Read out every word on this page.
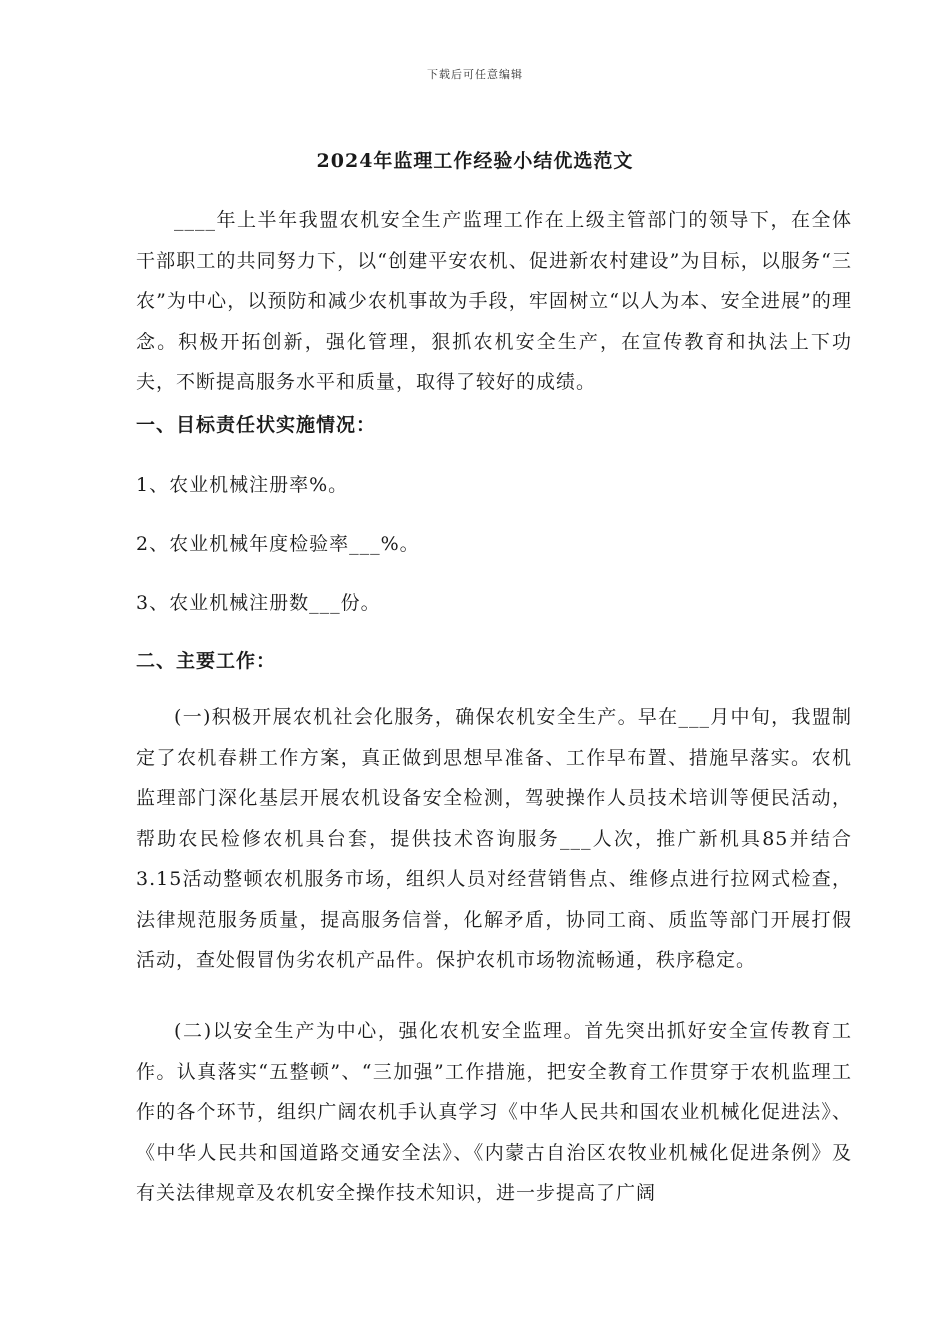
下载后可任意编辑
2024年监理工作经验小结优选范文

____年上半年我盟农机安全生产监理工作在上级主管部门的领导下，在全体干部职工的共同努力下，以“创建平安农机、促进新农村建设”为目标，以服务“三农”为中心，以预防和减少农机事故为手段，牢固树立“以人为本、安全进展”的理念。积极开拓创新，强化管理，狠抓农机安全生产，在宣传教育和执法上下功夫，不断提高服务水平和质量，取得了较好的成绩。

一、目标责任状实施情况：

1、农业机械注册率%。

2、农业机械年度检验率___%。

3、农业机械注册数___份。

二、主要工作：

(一)积极开展农机社会化服务，确保农机安全生产。早在___月中旬，我盟制定了农机春耕工作方案，真正做到思想早准备、工作早布置、措施早落实。农机监理部门深化基层开展农机设备安全检测，驾驶操作人员技术培训等便民活动，帮助农民检修农机具台套，提供技术咨询服务___人次，推广新机具85并结合3.15活动整顿农机服务市场，组织人员对经营销售点、维修点进行拉网式检查，法律规范服务质量，提高服务信誉，化解矛盾，协同工商、质监等部门开展打假活动，查处假冒伪劣农机产品件。保护农机市场物流畅通，秩序稳定。

(二)以安全生产为中心，强化农机安全监理。首先突出抓好安全宣传教育工作。认真落实“五整顿”、“三加强”工作措施，把安全教育工作贯穿于农机监理工作的各个环节，组织广阔农机手认真学习《中华人民共和国农业机械化促进法》、《中华人民共和国道路交通安全法》、《内蒙古自治区农牧业机械化促进条例》及有关法律规章及农机安全操作技术知识，进一步提高了广阔
